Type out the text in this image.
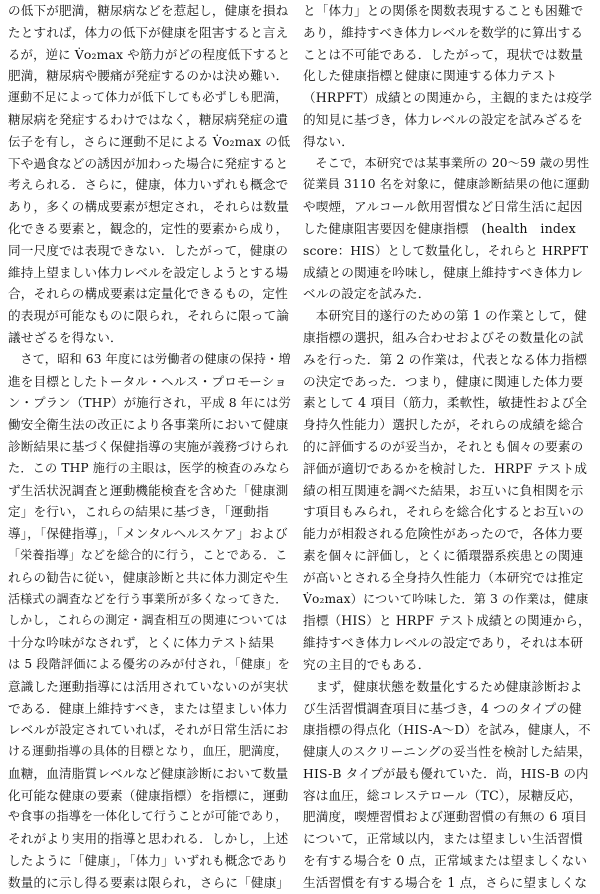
の低下が肥満，糖尿病などを惹起し，健康を損ね
たとすれば，体力の低下が健康を阻害すると言え
るが，逆に V̇o₂max や筋力がどの程度低下すると
肥満，糖尿病や腰痛が発症するのかは決め難い．
運動不足によって体力が低下しても必ずしも肥満，
糖尿病を発症するわけではなく，糖尿病発症の遺
伝子を有し，さらに運動不足による V̇o₂max の低
下や過食などの誘因が加わった場合に発症すると
考えられる．さらに，健康，体力いずれも概念で
あり，多くの構成要素が想定され，それらは数量
化できる要素と，観念的，定性的要素から成り，
同一尺度では表現できない．したがって，健康の
維持上望ましい体力レベルを設定しようとする場
合，それらの構成要素は定量化できるもの，定性
的表現が可能なものに限られ，それらに限って論
議せざるを得ない．
　さて，昭和 63 年度には労働者の健康の保持・増
進を目標としたトータル・ヘルス・プロモーショ
ン・プラン（THP）が施行され，平成 8 年には労
働安全衛生法の改正により各事業所において健康
診断結果に基づく保健指導の実施が義務づけられ
た．この THP 施行の主眼は，医学的検査のみなら
ず生活状況調査と運動機能検査を含めた「健康測
定」を行い，これらの結果に基づき，「運動指
導」，「保健指導」，「メンタルヘルスケア」および
「栄養指導」などを総合的に行う，ことである．こ
れらの勧告に従い，健康診断と共に体力測定や生
活様式の調査などを行う事業所が多くなってきた．
しかし，これらの測定・調査相互の関連については
十分な吟味がなされず，とくに体力テスト結果
は 5 段階評価による優劣のみが付され，「健康」を
意識した運動指導には活用されていないのが実状
である．健康上維持すべき，または望ましい体力
レベルが設定されていれば，それが日常生活にお
ける運動指導の具体的目標となり，血圧，肥満度，
血糖，血清脂質レベルなど健康診断において数量
化可能な健康の要素（健康指標）を指標に，運動
や食事の指導を一体化して行うことが可能であり，
それがより実用的指導と思われる．しかし，上述
したように「健康」，「体力」いずれも概念であり
数量的に示し得る要素は限られ，さらに「健康」
と「体力」との関係を関数表現することも困難で
あり，維持すべき体力レベルを数学的に算出する
ことは不可能である．したがって，現状では数量
化した健康指標と健康に関連する体力テスト
（HRPFT）成績との関連から，主観的または疫学
的知見に基づき，体力レベルの設定を試みざるを
得ない．
　そこで，本研究では某事業所の 20〜59 歳の男性
従業員 3110 名を対象に，健康診断結果の他に運動
や喫煙，アルコール飲用習慣など日常生活に起因
した健康阻害要因を健康指標　(health　index
score：HIS）として数量化し，それらと HRPFT
成績との関連を吟味し，健康上維持すべき体力レ
ベルの設定を試みた．
　本研究目的遂行のための第 1 の作業として，健
康指標の選択，組み合わせおよびその数量化の試
みを行った．第 2 の作業は，代表となる体力指標
の決定であった．つまり，健康に関連した体力要
素として 4 項目（筋力，柔軟性，敏捷性および全
身持久性能力）選択したが，それらの成績を総合
的に評価するのが妥当か，それとも個々の要素の
評価が適切であるかを検討した．HRPF テスト成
績の相互関連を調べた結果，お互いに負相関を示
す項目もみられ，それらを総合化するとお互いの
能力が相殺される危険性があったので，各体力要
素を個々に評価し，とくに循環器系疾患との関連
が高いとされる全身持久性能力（本研究では推定
V̇o₂max）について吟味した．第 3 の作業は，健康
指標（HIS）と HRPF テスト成績との関連から，
維持すべき体力レベルの設定であり，それは本研
究の主目的でもある．
　まず，健康状態を数量化するため健康診断およ
び生活習慣調査項目に基づき，4 つのタイプの健
康指標の得点化（HIS-A〜D）を試み，健康人，不
健康人のスクリーニングの妥当性を検討した結果，
HIS-B タイプが最も優れていた．尚，HIS-B の内
容は血圧，総コレステロール（TC），尿糖反応，
肥満度，喫煙習慣および運動習慣の有無の 6 項目
について，正常域以内，または望ましい生活習慣
を有する場合を 0 点，正常域または望ましくない
生活習慣を有する場合を 1 点，さらに望ましくな
